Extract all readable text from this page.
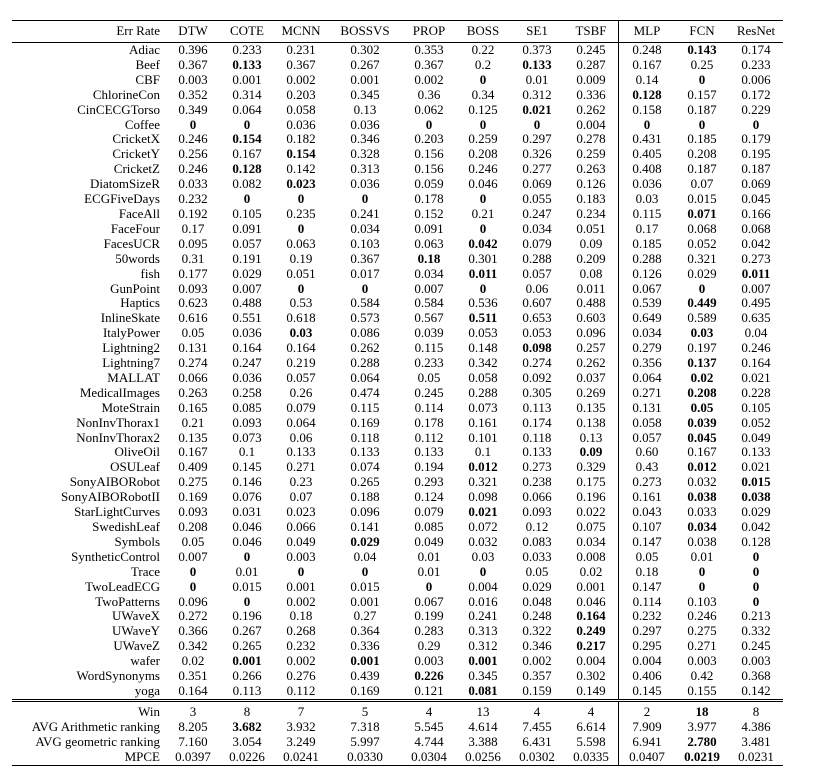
Err Rate	DTW	COTE	MCNN	BOSSVS	PROP	BOSS	SE1	TSBF	MLP	FCN	ResNet
Adiac	0.396	0.233	0.231	0.302	0.353	0.22	0.373	0.245	0.248	0.143	0.174
Beef	0.367	0.133	0.367	0.267	0.367	0.2	0.133	0.287	0.167	0.25	0.233
CBF	0.003	0.001	0.002	0.001	0.002	0	0.01	0.009	0.14	0	0.006
ChlorineCon	0.352	0.314	0.203	0.345	0.36	0.34	0.312	0.336	0.128	0.157	0.172
CinCECGTorso	0.349	0.064	0.058	0.13	0.062	0.125	0.021	0.262	0.158	0.187	0.229
Coffee	0	0	0.036	0.036	0	0	0	0.004	0	0	0
CricketX	0.246	0.154	0.182	0.346	0.203	0.259	0.297	0.278	0.431	0.185	0.179
CricketY	0.256	0.167	0.154	0.328	0.156	0.208	0.326	0.259	0.405	0.208	0.195
CricketZ	0.246	0.128	0.142	0.313	0.156	0.246	0.277	0.263	0.408	0.187	0.187
DiatomSizeR	0.033	0.082	0.023	0.036	0.059	0.046	0.069	0.126	0.036	0.07	0.069
ECGFiveDays	0.232	0	0	0	0.178	0	0.055	0.183	0.03	0.015	0.045
FaceAll	0.192	0.105	0.235	0.241	0.152	0.21	0.247	0.234	0.115	0.071	0.166
FaceFour	0.17	0.091	0	0.034	0.091	0	0.034	0.051	0.17	0.068	0.068
FacesUCR	0.095	0.057	0.063	0.103	0.063	0.042	0.079	0.09	0.185	0.052	0.042
50words	0.31	0.191	0.19	0.367	0.18	0.301	0.288	0.209	0.288	0.321	0.273
fish	0.177	0.029	0.051	0.017	0.034	0.011	0.057	0.08	0.126	0.029	0.011
GunPoint	0.093	0.007	0	0	0.007	0	0.06	0.011	0.067	0	0.007
Haptics	0.623	0.488	0.53	0.584	0.584	0.536	0.607	0.488	0.539	0.449	0.495
InlineSkate	0.616	0.551	0.618	0.573	0.567	0.511	0.653	0.603	0.649	0.589	0.635
ItalyPower	0.05	0.036	0.03	0.086	0.039	0.053	0.053	0.096	0.034	0.03	0.04
Lightning2	0.131	0.164	0.164	0.262	0.115	0.148	0.098	0.257	0.279	0.197	0.246
Lightning7	0.274	0.247	0.219	0.288	0.233	0.342	0.274	0.262	0.356	0.137	0.164
MALLAT	0.066	0.036	0.057	0.064	0.05	0.058	0.092	0.037	0.064	0.02	0.021
MedicalImages	0.263	0.258	0.26	0.474	0.245	0.288	0.305	0.269	0.271	0.208	0.228
MoteStrain	0.165	0.085	0.079	0.115	0.114	0.073	0.113	0.135	0.131	0.05	0.105
NonInvThorax1	0.21	0.093	0.064	0.169	0.178	0.161	0.174	0.138	0.058	0.039	0.052
NonInvThorax2	0.135	0.073	0.06	0.118	0.112	0.101	0.118	0.13	0.057	0.045	0.049
OliveOil	0.167	0.1	0.133	0.133	0.133	0.1	0.133	0.09	0.60	0.167	0.133
OSULeaf	0.409	0.145	0.271	0.074	0.194	0.012	0.273	0.329	0.43	0.012	0.021
SonyAIBORobot	0.275	0.146	0.23	0.265	0.293	0.321	0.238	0.175	0.273	0.032	0.015
SonyAIBORobotII	0.169	0.076	0.07	0.188	0.124	0.098	0.066	0.196	0.161	0.038	0.038
StarLightCurves	0.093	0.031	0.023	0.096	0.079	0.021	0.093	0.022	0.043	0.033	0.029
SwedishLeaf	0.208	0.046	0.066	0.141	0.085	0.072	0.12	0.075	0.107	0.034	0.042
Symbols	0.05	0.046	0.049	0.029	0.049	0.032	0.083	0.034	0.147	0.038	0.128
SyntheticControl	0.007	0	0.003	0.04	0.01	0.03	0.033	0.008	0.05	0.01	0
Trace	0	0.01	0	0	0.01	0	0.05	0.02	0.18	0	0
TwoLeadECG	0	0.015	0.001	0.015	0	0.004	0.029	0.001	0.147	0	0
TwoPatterns	0.096	0	0.002	0.001	0.067	0.016	0.048	0.046	0.114	0.103	0
UWaveX	0.272	0.196	0.18	0.27	0.199	0.241	0.248	0.164	0.232	0.246	0.213
UWaveY	0.366	0.267	0.268	0.364	0.283	0.313	0.322	0.249	0.297	0.275	0.332
UWaveZ	0.342	0.265	0.232	0.336	0.29	0.312	0.346	0.217	0.295	0.271	0.245
wafer	0.02	0.001	0.002	0.001	0.003	0.001	0.002	0.004	0.004	0.003	0.003
WordSynonyms	0.351	0.266	0.276	0.439	0.226	0.345	0.357	0.302	0.406	0.42	0.368
yoga	0.164	0.113	0.112	0.169	0.121	0.081	0.159	0.149	0.145	0.155	0.142
Win	3	8	7	5	4	13	4	4	2	18	8
AVG Arithmetic ranking	8.205	3.682	3.932	7.318	5.545	4.614	7.455	6.614	7.909	3.977	4.386
AVG geometric ranking	7.160	3.054	3.249	5.997	4.744	3.388	6.431	5.598	6.941	2.780	3.481
MPCE	0.0397	0.0226	0.0241	0.0330	0.0304	0.0256	0.0302	0.0335	0.0407	0.0219	0.0231
